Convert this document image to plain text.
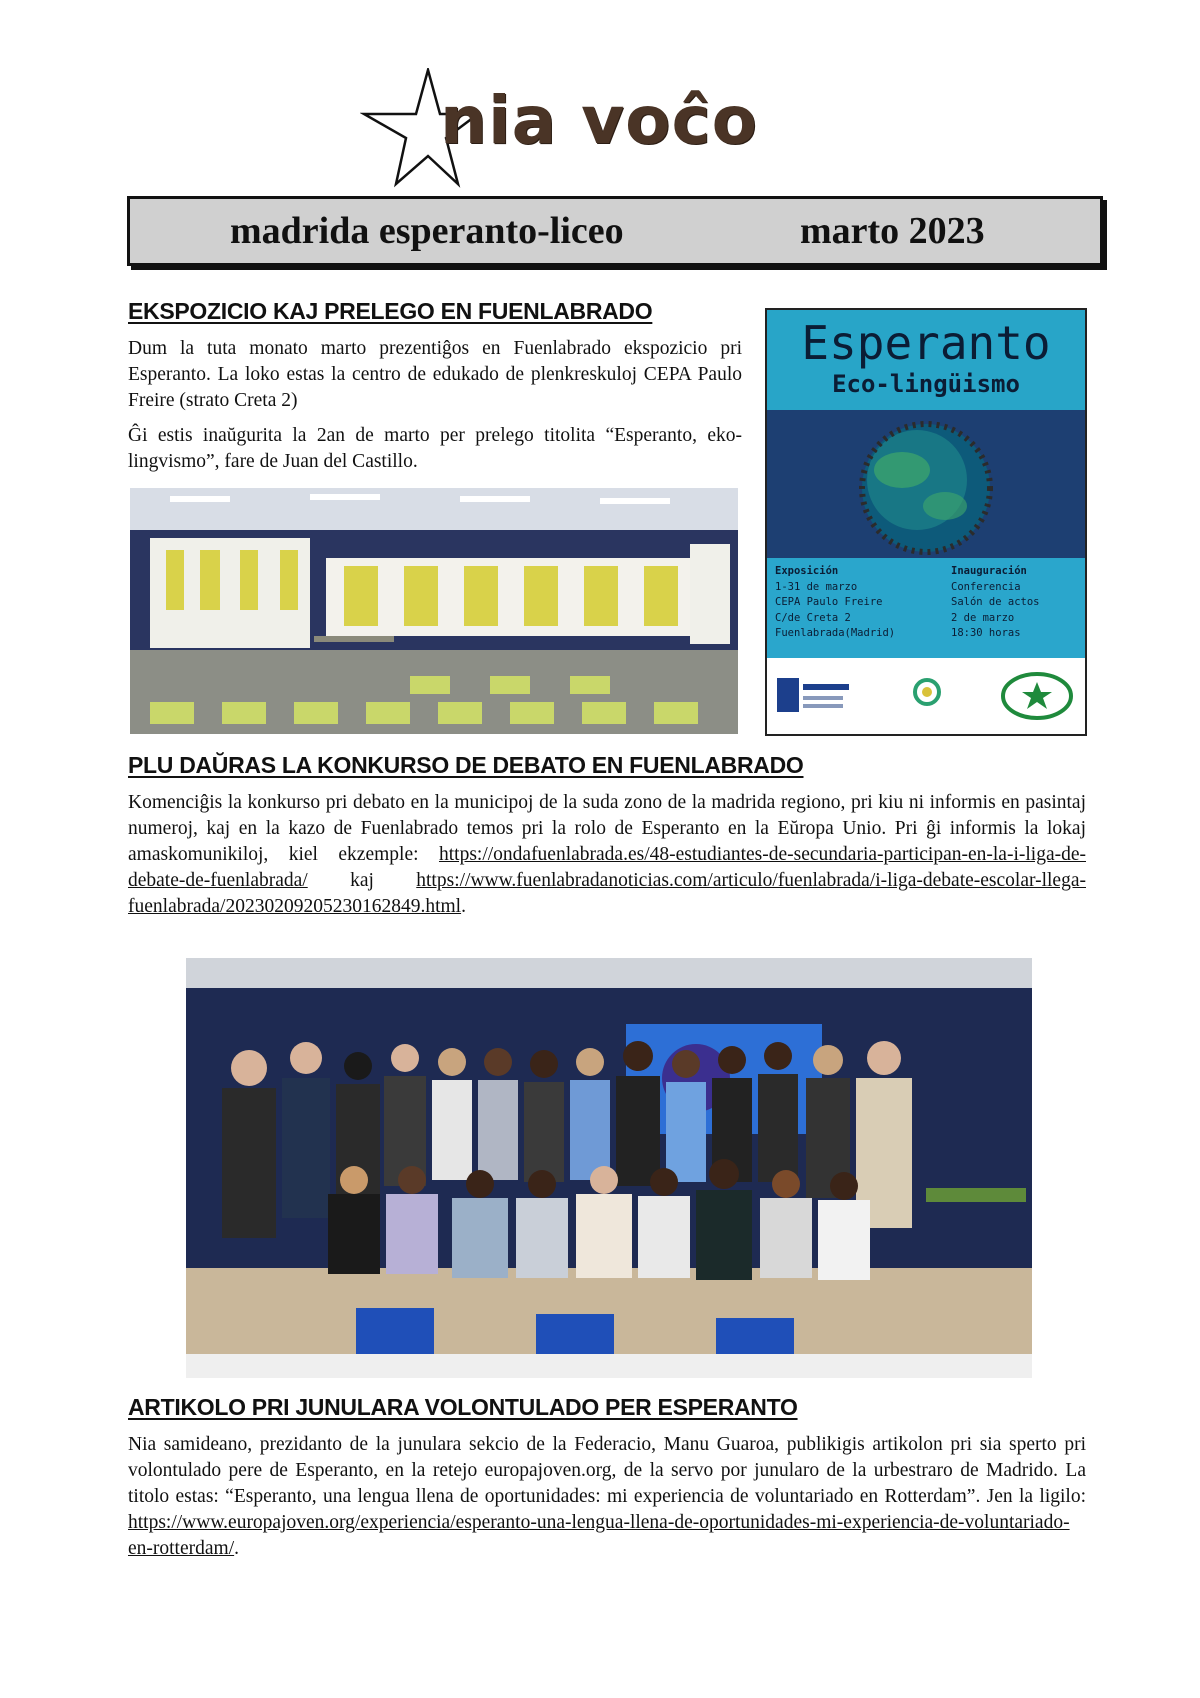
nia voĉo
madrida esperanto-liceo	marto 2023
EKSPOZICIO KAJ PRELEGO EN FUENLABRADO

Dum la tuta monato marto prezentiĝos en Fuenlabrado ekspozicio pri Esperanto. La loko estas la centro de edukado de plenkreskuloj CEPA Paulo Freire (strato Creta 2)

Ĝi estis inaŭgurita la 2an de marto per prelego titolita “Esperanto, eko-lingvismo”, fare de Juan del Castillo.

Esperanto
Eco-lingüismo
Exposición
1-31 de marzo
CEPA Paulo Freire
C/de Creta 2
Fuenlabrada(Madrid)
Inauguración
Conferencia
Salón de actos
2 de marzo
18:30 horas
PLU DAŬRAS LA KONKURSO DE DEBATO EN FUENLABRADO

Komenciĝis la konkurso pri debato en la municipoj de la suda zono de la madrida regiono, pri kiu ni informis en pasintaj numeroj, kaj en la kazo de Fuenlabrado temos pri la rolo de Esperanto en la Eŭropa Unio. Pri ĝi informis la lokaj amaskomunikiloj, kiel ekzemple: https://ondafuenlabrada.es/48-estudiantes-de-secundaria-participan-en-la-i-liga-de-debate-de-fuenlabrada/ kaj https://www.fuenlabradanoticias.com/articulo/fuenlabrada/i-liga-debate-escolar-llega-fuenlabrada/20230209205230162849.html.

ARTIKOLO PRI JUNULARA VOLONTULADO PER ESPERANTO

Nia samideano, prezidanto de la junulara sekcio de la Federacio, Manu Guaroa, publikigis artikolon pri sia sperto pri volontulado pere de Esperanto, en la retejo europajoven.org, de la servo por junularo de la urbestraro de Madrido. La titolo estas: “Esperanto, una lengua llena de oportunidades: mi experiencia de voluntariado en Rotterdam”. Jen la ligilo: https://www.europajoven.org/experiencia/esperanto-una-lengua-llena-de-oportunidades-mi-experiencia-de-voluntariado-en-rotterdam/.
